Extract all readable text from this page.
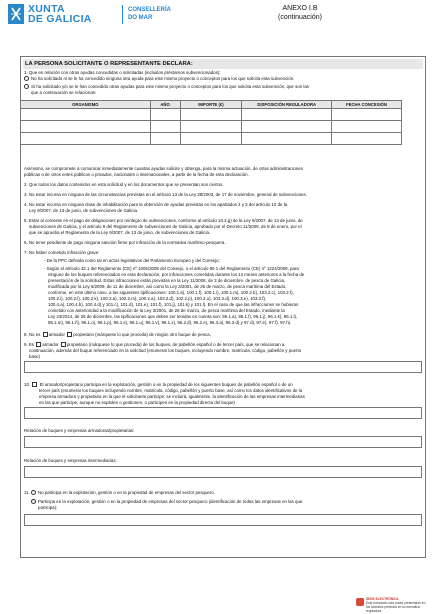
XUNTA
DE GALICIA
CONSELLERÍA
DO MAR
ANEXO I.B
(continuación)
LA PERSONA SOLICITANTE O REPRESENTANTE DECLARA:
1. Que en relación con otras ayudas concedidas o solicitadas (incluidos préstamos subvencionados):
No ha solicitado ni se le ha concedido ninguna otra ayuda para este mismo proyecto o conceptos para los que solicita esta subvención.
Sí ha solicitado y/o se le han concedido otras ayudas para este mismo proyecto o conceptos para los que solicita esta subvención, que son las
que a continuación se relacionan:
ORGANISMO	AÑO	IMPORTE (€)	DISPOSICIÓN REGULADORA	FECHA CONCESIÓN

Asimismo, se compromete a comunicar inmediatamente cuantas ayudas solicite y obtenga, para la misma actuación, de otras administraciones
públicas o de otros entes públicos o privados, nacionales o internacionales, a partir de la fecha de esta declaración.
2. Que todos los datos contenidos en esta solicitud y en los documentos que se presentan son ciertos.
3. No estar incursa en ninguna de las circunstancias previstas en el artículo 13 de la Ley 38/2003, de 17 de noviembre, general de subvenciones.
4. No estar incursa en ninguna clase de inhabilitación para la obtención de ayudas previstas en los apartados 2 y 3 del artículo 10 de la
Ley 9/2007, de 13 de junio, de subvenciones de Galicia.
5. Estar al corriente en el pago de obligaciones por reintegro de subvenciones, conforme al artículo 10.2.g) de la Ley 9/2007, de 13 de junio, de
subvenciones de Galicia, y el artículo 9 del Reglamento de subvenciones de Galicia, aprobado por el Decreto 11/2009, de 8 de enero, por el
que se aprueba el Reglamento de la Ley 9/2007, de 13 de junio, de subvenciones de Galicia.
6. No tener pendiente de pago ninguna sanción firme por infracción de la normativa marítimo-pesquera.
7. No haber cometido infracción grave:
- De la PPC definida como tal en actos legislativos del Parlamento Europeo y del Consejo;
- Según el artículo 42.1 del Reglamento (CE) nº 1005/2008 del Consejo, o el artículo 90.1 del Reglamento (CE) nº 1224/2009, para
ninguno de los buques referenciados en esta declaración, por infracciones cometidas durante los 12 meses anteriores a la fecha de
presentación de la solicitud. Estas infracciones están previstas en la Ley 11/2008, de 3 de diciembre, de pesca de Galicia,
modificada por la Ley 6/2009, de 11 de diciembre, así como la Ley 3/2001, de 26 de marzo, de pesca marítima del Estado,
conforme, en este último caso, a las siguientes tipificaciones: 100.1.a), 100.1.f), 100.1.i), 100.1.m), 100.2.b), 103.2.c), 103.2.f),
100.2.i), 100.2.l), 100.2.k), 100.3.a), 102.2.m), 100.2.a), 102.2.d), 102.2.p), 100.2.u), 103.3.d), 100.3.e), 103.3.f),
100.4.a), 100.4.b), 100.4.d) y 101.c), 101.d), 101.e), 101.f), 101.j), 101.k) y 101.l). En el caso de que las infracciones se hubieran
cometido con anterioridad a la modificación de la Ley 3/2001, de 26 de marzo, de pesca marítima del Estado, mediante la
Ley 33/2014, de 26 de diciembre, las tipificaciones que deben ser tenidas en cuenta son: 96.1.a), 96.1.f), 96.1.j), 96.1.k), 96.1.l),
96.1.m), 96.1.ñ), 96.1.o), 96.1.p), 96.1.s), 96.1.u), 96.1.v), 96.1.x), 96.2.d), 96.2.e), 96.3.a), 96.3.d) y 97.d), 97.e), 97.f), 97.h).
8. No es armador propietario (márquese lo que proceda) de ningún otro buque de pesca.
9. Es armador propietario (márquese lo que proceda) de los buques, de pabellón español o de tercer país, que se relacionan a
continuación, además del buque referenciado en la solicitud (enumerar los buques, incluyendo nombre, matrícula, código, pabellón y puerto
base)
10. El armador/propietario participa en la explotación, gestión o en la propiedad de los siguientes buques de pabellón español o de un
tercer país (enumerar los buques incluyendo nombre, matrícula, código, pabellón y puerto base, así como los datos identificativos de la
empresa armadora y propietaria en la que el solicitante participe; se incluirá, igualmente, la identificación de las empresas intermediarias
en las que participe, aunque no exploten o gestionen, o participen en la propiedad directa del buque)
Relación de buques y empresas armadoras/propietarias:
Relación de buques y empresas intermediarias:
11. No participa en la explotación, gestión o en la propiedad de empresas del sector pesquero.
Participa en la explotación, gestión o en la propiedad de empresas del sector pesquero (identificación de todas las empresas en las que
participa):
SEDE ELECTRÓNICA
Este formulario sólo podrá presentarse en
los formatos previstos en la normativa reguladora
